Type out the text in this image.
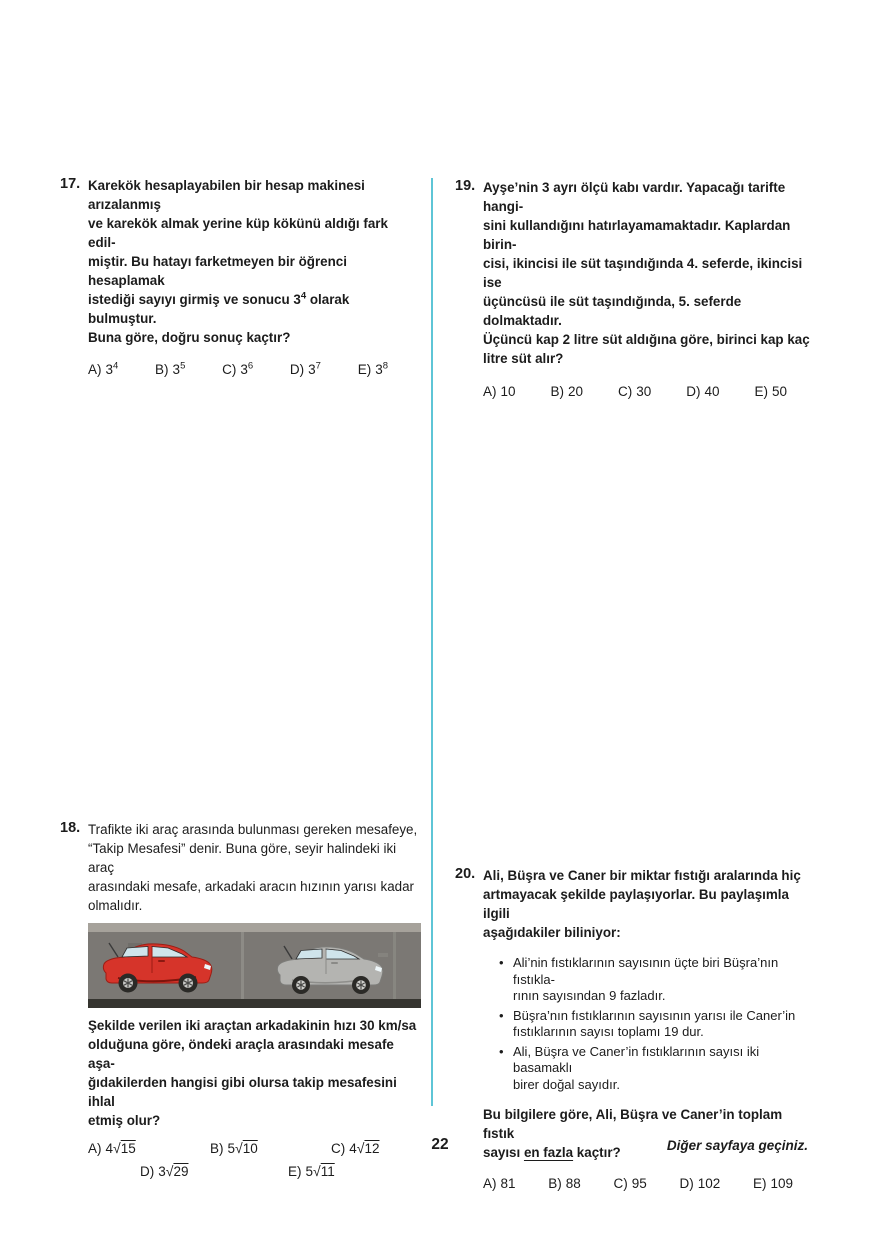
17. Karekök hesaplayabilen bir hesap makinesi arızalanmış
ve karekök almak yerine küp kökünü aldığı fark edil-
miştir. Bu hatayı farketmeyen bir öğrenci hesaplamak
istediği sayıyı girmiş ve sonucu $3^4$ olarak bulmuştur.
Buna göre, doğru sonuç kaçtır?
A) $3^4$	B) $3^5$	C) $3^6$	D) $3^7$	E) $3^8$
18. Trafikte iki araç arasında bulunması gereken mesafeye,
“Takip Mesafesi” denir. Buna göre, seyir halindeki iki araç
arasındaki mesafe, arkadaki aracın hızının yarısı kadar
olmalıdır.
Şekilde verilen iki araçtan arkadakinin hızı 30 km/sa
olduğuna göre, öndeki araçla arasındaki mesafe aşa-
ğıdakilerden hangisi gibi olursa takip mesafesini ihlal
etmiş olur?
A) 4√15	B) 5√10	C) 4√12
D) 3√29	E) 5√11
19. Ayşe’nin 3 ayrı ölçü kabı vardır. Yapacağı tarifte hangi-
sini kullandığını hatırlayamamaktadır. Kaplardan birin-
cisi, ikincisi ile süt taşındığında 4. seferde, ikincisi ise
üçüncüsü ile süt taşındığında, 5. seferde dolmaktadır.
Üçüncü kap 2 litre süt aldığına göre, birinci kap kaç
litre süt alır?
A) 10	B) 20	C) 30	D) 40	E) 50
20. Ali, Büşra ve Caner bir miktar fıstığı aralarında hiç
artmayacak şekilde paylaşıyorlar. Bu paylaşımla ilgili
aşağıdakiler biliniyor:
• Ali’nin fıstıklarının sayısının üçte biri Büşra’nın fıstıkla-
rının sayısından 9 fazladır.
• Büşra’nın fıstıklarının sayısının yarısı ile Caner’in
fıstıklarının sayısı toplamı 19 dur.
• Ali, Büşra ve Caner’in fıstıklarının sayısı iki basamaklı
birer doğal sayıdır.
Bu bilgilere göre, Ali, Büşra ve Caner’in toplam fıstık
sayısı en fazla kaçtır?
A) 81 B) 88 C) 95 D) 102 E) 109
22	Diğer sayfaya geçiniz.
